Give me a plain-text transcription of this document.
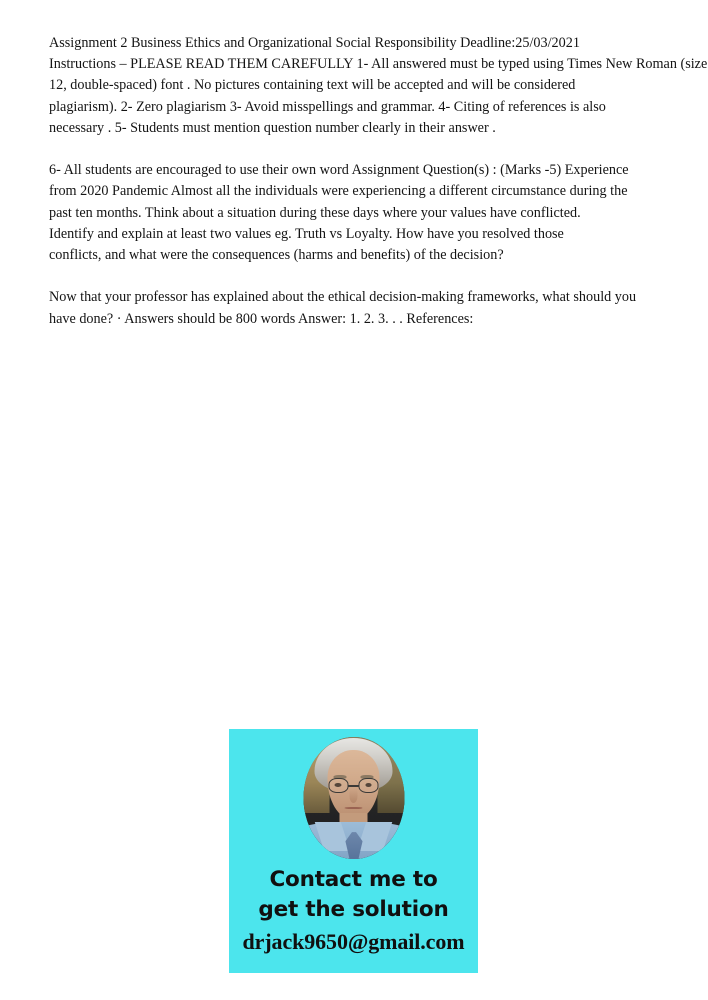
Assignment 2 Business Ethics and Organizational Social Responsibility Deadline:25/03/2021
Instructions – PLEASE READ THEM CAREFULLY 1- All answered must be typed using Times New Roman (size
12, double-spaced) font . No pictures containing text will be accepted and will be considered
plagiarism). 2- Zero plagiarism 3- Avoid misspellings and grammar. 4- Citing of references is also
necessary . 5- Students must mention question number clearly in their answer .

6- All students are encouraged to use their own word Assignment Question(s) : (Marks -5) Experience
from 2020 Pandemic Almost all the individuals were experiencing a different circumstance during the
past ten months. Think about a situation during these days where your values have conflicted.
Identify and explain at least two values eg. Truth vs Loyalty. How have you resolved those
conflicts, and what were the consequences (harms and benefits) of the decision?

Now that your professor has explained about the ethical decision-making frameworks, what should you
have done? · Answers should be 800 words Answer: 1. 2. 3. . . References:

Contact me to
get the solution
drjack9650@gmail.com
